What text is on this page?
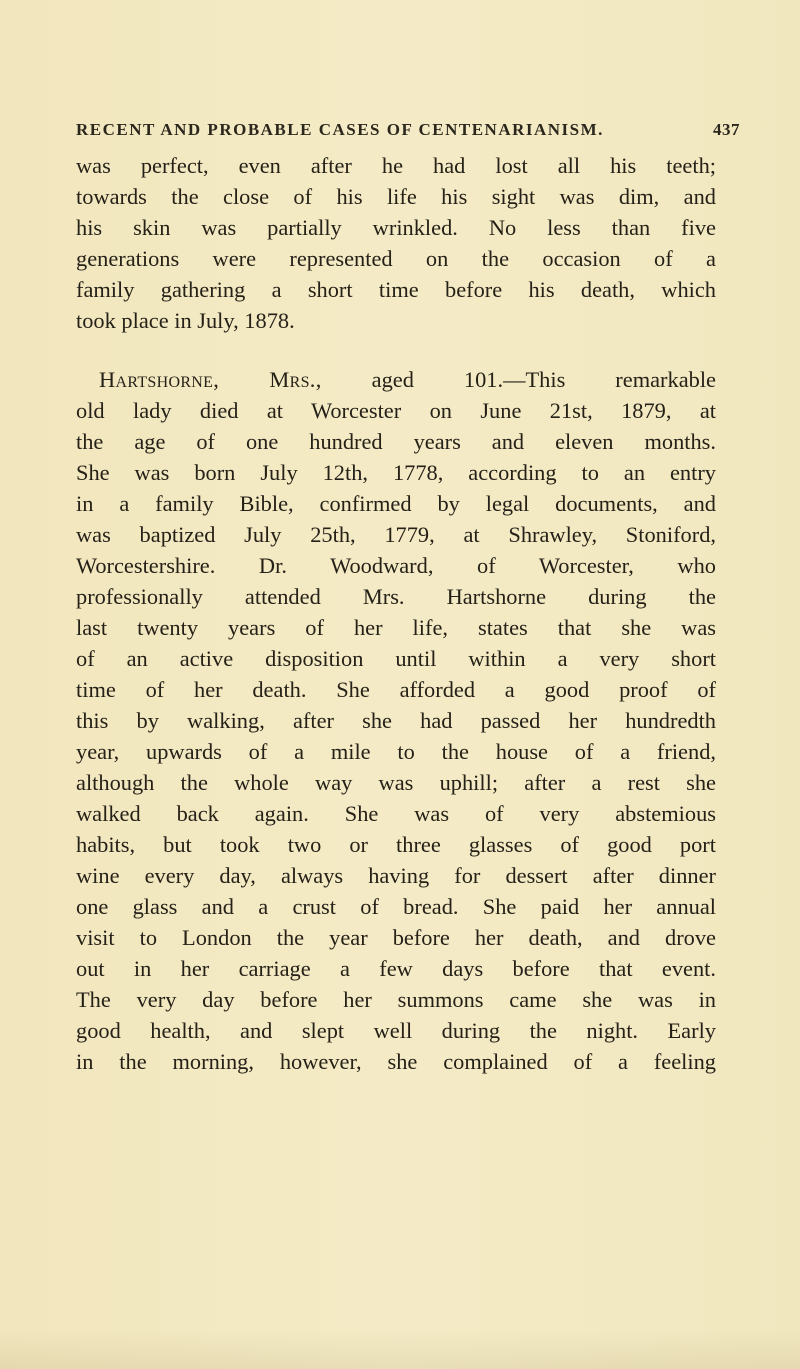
RECENT AND PROBABLE CASES OF CENTENARIANISM.	437
was perfect, even after he had lost all his teeth;
towards the close of his life his sight was dim, and
his skin was partially wrinkled. No less than five
generations were represented on the occasion of a
family gathering a short time before his death, which
took place in July, 1878.
Hartshorne, Mrs., aged 101.—This remarkable
old lady died at Worcester on June 21st, 1879, at
the age of one hundred years and eleven months.
She was born July 12th, 1778, according to an entry
in a family Bible, confirmed by legal documents, and
was baptized July 25th, 1779, at Shrawley, Stoniford,
Worcestershire. Dr. Woodward, of Worcester, who
professionally attended Mrs. Hartshorne during the
last twenty years of her life, states that she was
of an active disposition until within a very short
time of her death. She afforded a good proof of
this by walking, after she had passed her hundredth
year, upwards of a mile to the house of a friend,
although the whole way was uphill; after a rest she
walked back again. She was of very abstemious
habits, but took two or three glasses of good port
wine every day, always having for dessert after dinner
one glass and a crust of bread. She paid her annual
visit to London the year before her death, and drove
out in her carriage a few days before that event.
The very day before her summons came she was in
good health, and slept well during the night. Early
in the morning, however, she complained of a feeling
